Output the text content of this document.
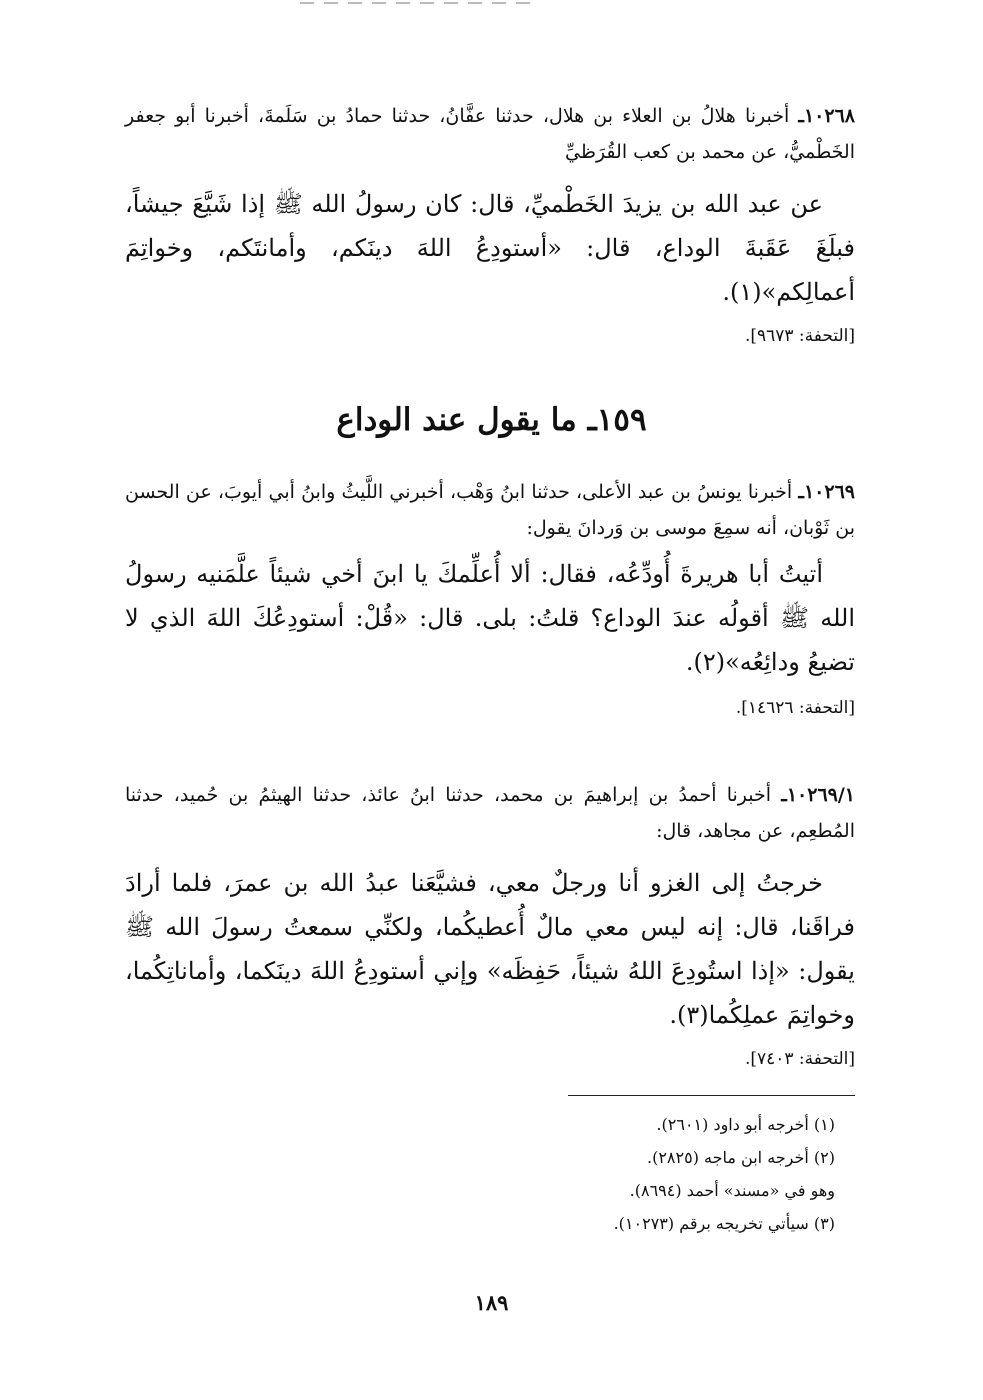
١٠٢٦٨ـ أخبرنا هلالُ بن العلاء بن هلال، حدثنا عفَّانُ، حدثنا حمادُ بن سَلَمةَ، أخبرنا أبو جعفر الخَطْميُّ، عن محمد بن كعب القُرَظيِّ

عن عبد الله بن يزيدَ الخَطْميِّ، قال: كان رسولُ الله ﷺ إذا شَيَّعَ جيشاً، فبلَغَ عَقَبةَ الوداع، قال: «أستودِعُ اللهَ دينَكم، وأمانتَكم، وخواتِمَ أعمالِكم»(١).

[التحفة: ٩٦٧٣].
١٥٩ـ ما يقول عند الوداع
١٠٢٦٩ـ أخبرنا يونسُ بن عبد الأعلى، حدثنا ابنُ وَهْب، أخبرني اللَّيثُ وابنُ أبي أيوبَ، عن الحسن بن ثَوْبان، أنه سمِعَ موسى بن وَردانَ يقول:

أتيتُ أبا هريرةَ أُودِّعُه، فقال: ألا أُعلِّمكَ يا ابنَ أخي شيئاً علَّمَنيه رسولُ الله ﷺ أقولُه عندَ الوداع؟ قلتُ: بلى. قال: «قُلْ: أستودِعُكَ اللهَ الذي لا تضيعُ ودائِعُه»(٢).

[التحفة: ١٤٦٢٦].
١٠٢٦٩/١ـ أخبرنا أحمدُ بن إبراهيمَ بن محمد، حدثنا ابنُ عائذ، حدثنا الهيثمُ بن حُميد، حدثنا المُطعِم، عن مجاهد، قال:

خرجتُ إلى الغزو أنا ورجلٌ معي، فشيَّعَنا عبدُ الله بن عمرَ، فلما أرادَ فراقَنا، قال: إنه ليس معي مالٌ أُعطيكُما، ولكنِّي سمعتُ رسولَ الله ﷺ يقول: «إذا استُودِعَ اللهُ شيئاً، حَفِظَه» وإني أستودِعُ اللهَ دينَكما، وأماناتِكُما، وخواتِمَ عملِكُما(٣).

[التحفة: ٧٤٠٣].
(١) أخرجه أبو داود (٢٦٠١).
(٢) أخرجه ابن ماجه (٢٨٢٥).
وهو في «مسند» أحمد (٨٦٩٤).
(٣) سيأتي تخريجه برقم (١٠٢٧٣).
١٨٩
